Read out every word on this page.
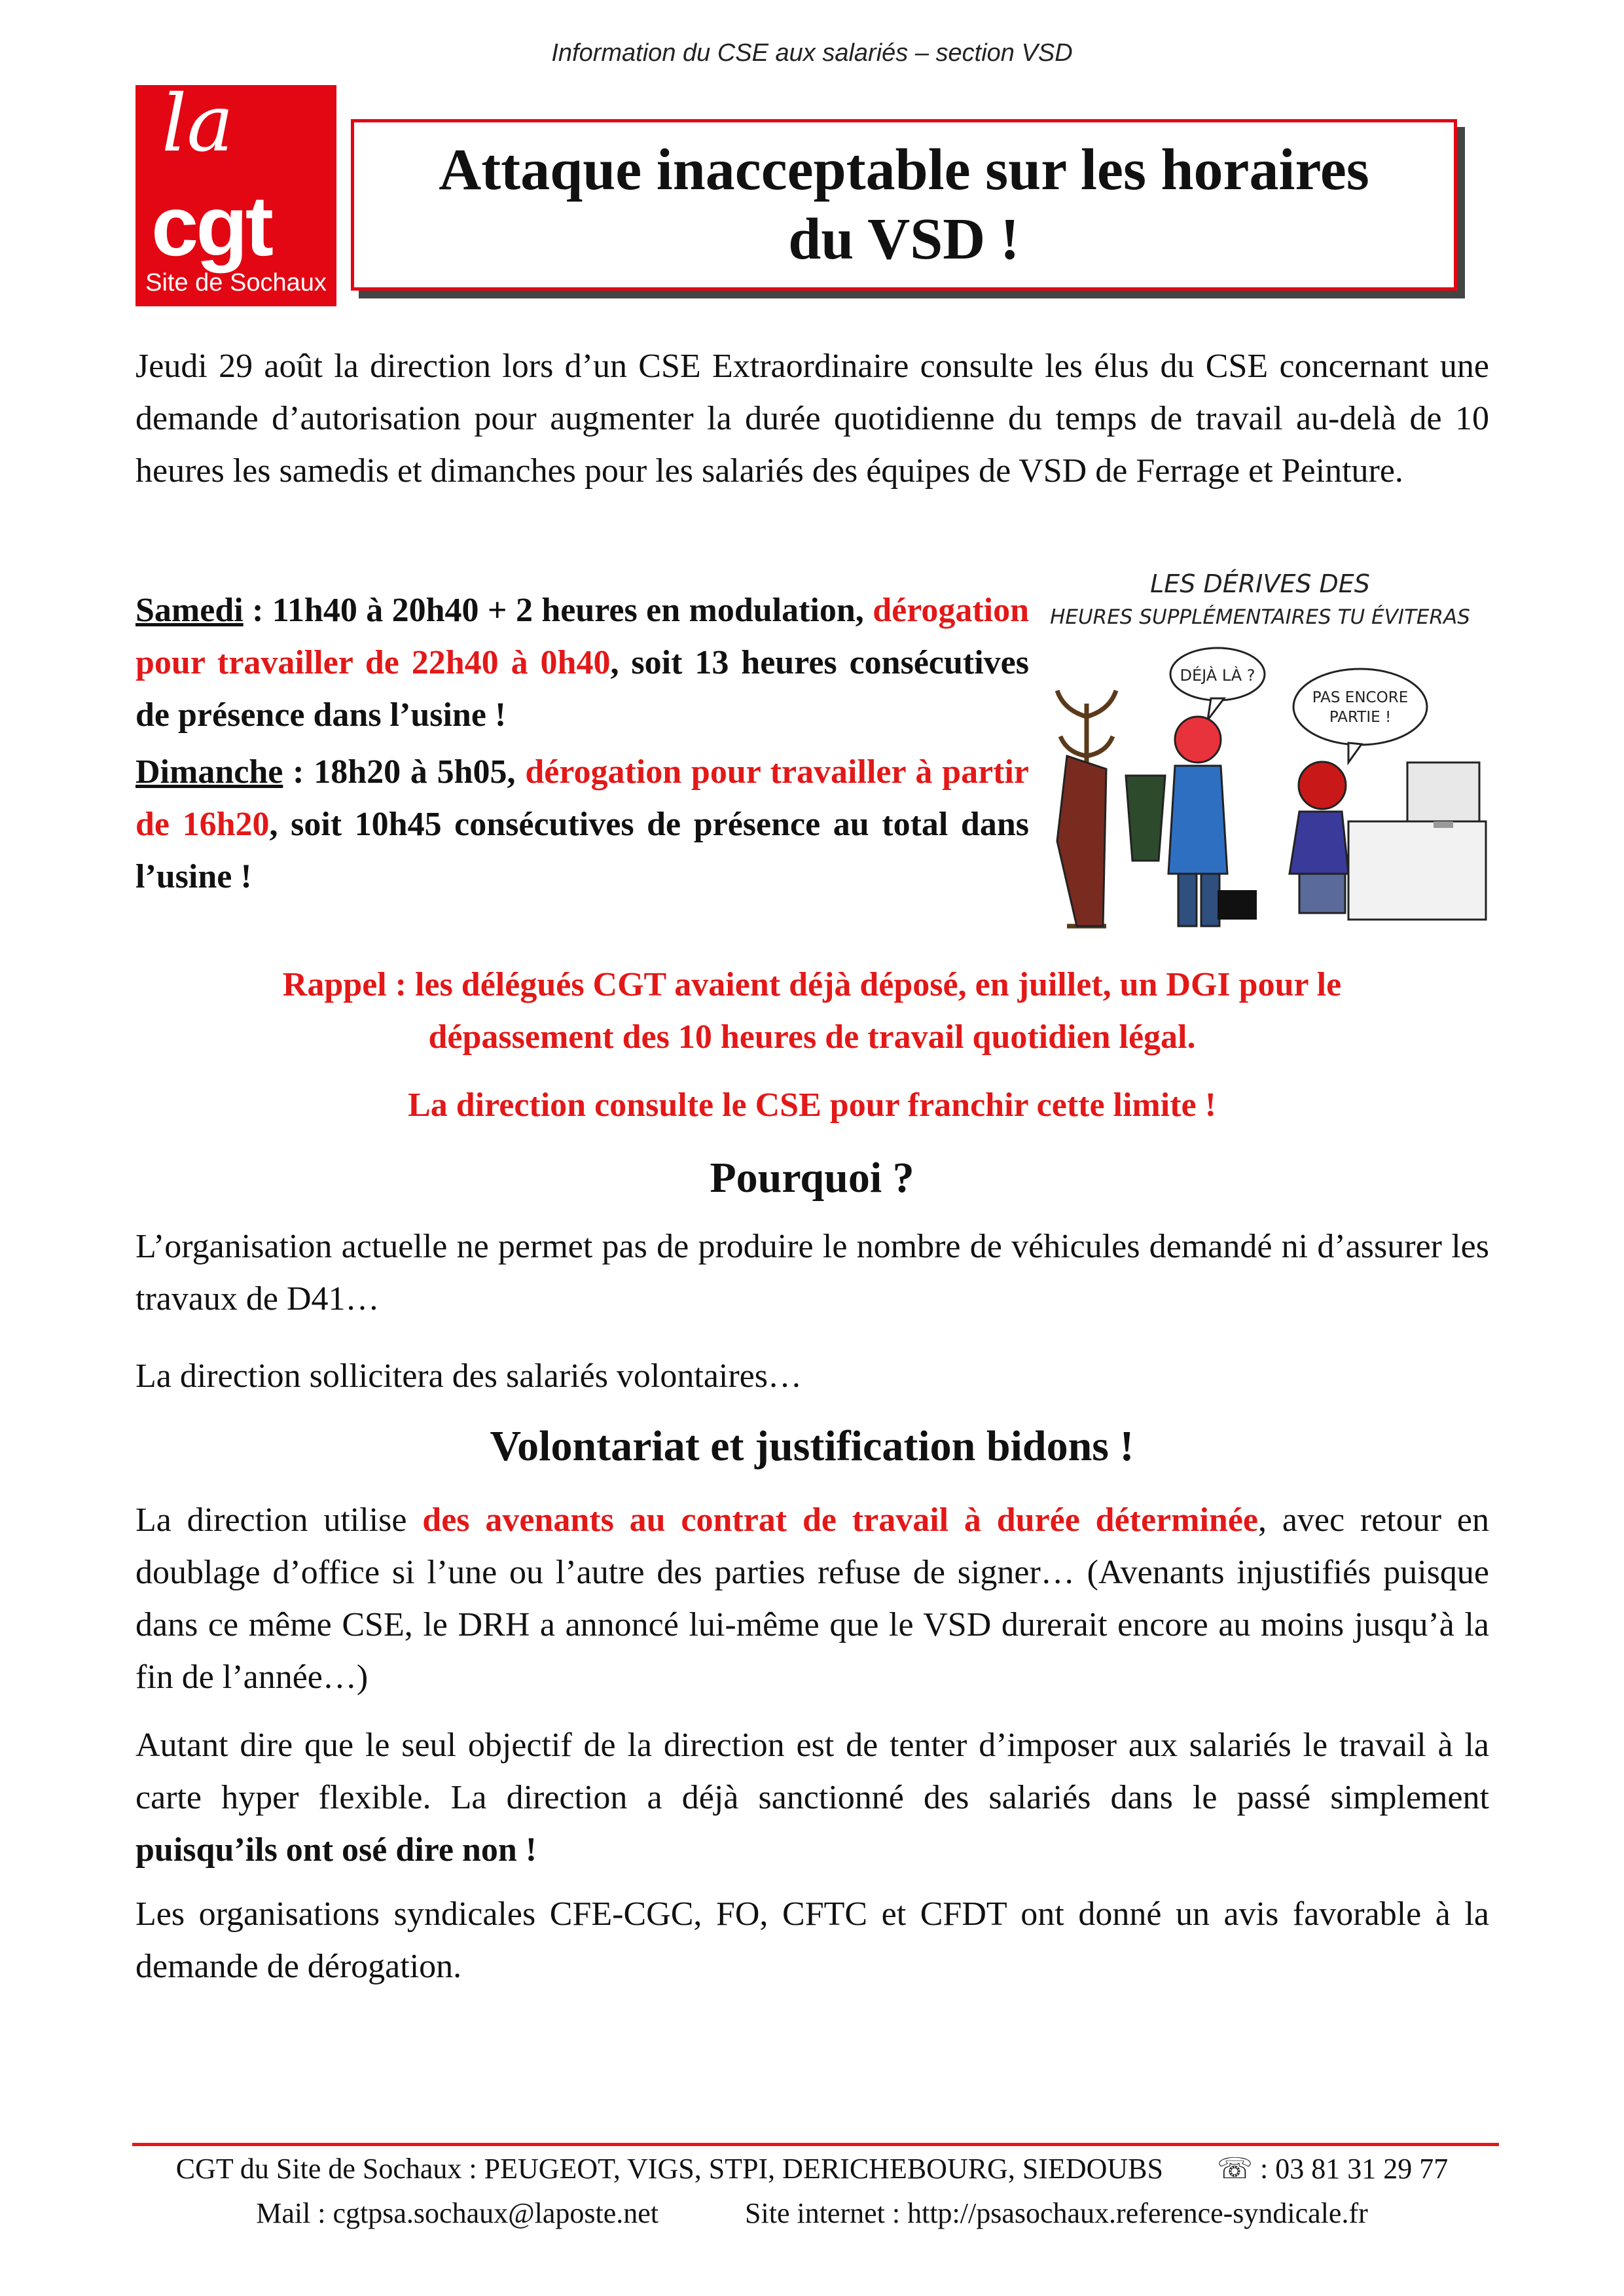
Information du CSE aux salariés – section VSD
la
cgt
Site de Sochaux
Attaque inacceptable sur les horaires
du VSD !

Jeudi 29 août la direction lors d’un CSE Extraordinaire consulte les élus du CSE concernant une demande d’autorisation pour augmenter la durée quotidienne du temps de travail au-delà de 10 heures les samedis et dimanches pour les salariés des équipes de VSD de Ferrage et Peinture.

Samedi : 11h40 à 20h40 + 2 heures en modulation, dérogation pour travailler de 22h40 à 0h40, soit 13 heures consécutives de présence dans l’usine !

Dimanche : 18h20 à 5h05, dérogation pour travailler à partir de 16h20, soit 10h45 consécutives de présence au total dans l’usine !

LES DÉRIVES DES
HEURES SUPPLÉMENTAIRES TU ÉVITERAS
DÉJÀ LÀ ?
PAS ENCORE
PARTIE !
Rappel : les délégués CGT avaient déjà déposé, en juillet, un DGI pour le
dépassement des 10 heures de travail quotidien légal.
La direction consulte le CSE pour franchir cette limite !
Pourquoi ?

L’organisation actuelle ne permet pas de produire le nombre de véhicules demandé ni d’assurer les travaux de D41…

La direction sollicitera des salariés volontaires…

Volontariat et justification bidons !

La direction utilise des avenants au contrat de travail à durée déterminée, avec retour en doublage d’office si l’une ou l’autre des parties refuse de signer… (Avenants injustifiés puisque dans ce même CSE, le DRH a annoncé lui-même que le VSD durerait encore au moins jusqu’à la fin de l’année…)

Autant dire que le seul objectif de la direction est de tenter d’imposer aux salariés le travail à la carte hyper flexible. La direction a déjà sanctionné des salariés dans le passé simplement puisqu’ils ont osé dire non !

Les organisations syndicales CFE-CGC, FO, CFTC et CFDT ont donné un avis favorable à la demande de dérogation.

CGT du Site de Sochaux : PEUGEOT, VIGS, STPI, DERICHEBOURG, SIEDOUBS ☏ : 03 81 31 29 77
Mail : cgtpsa.sochaux@laposte.net	Site internet : http://psasochaux.reference-syndicale.fr
